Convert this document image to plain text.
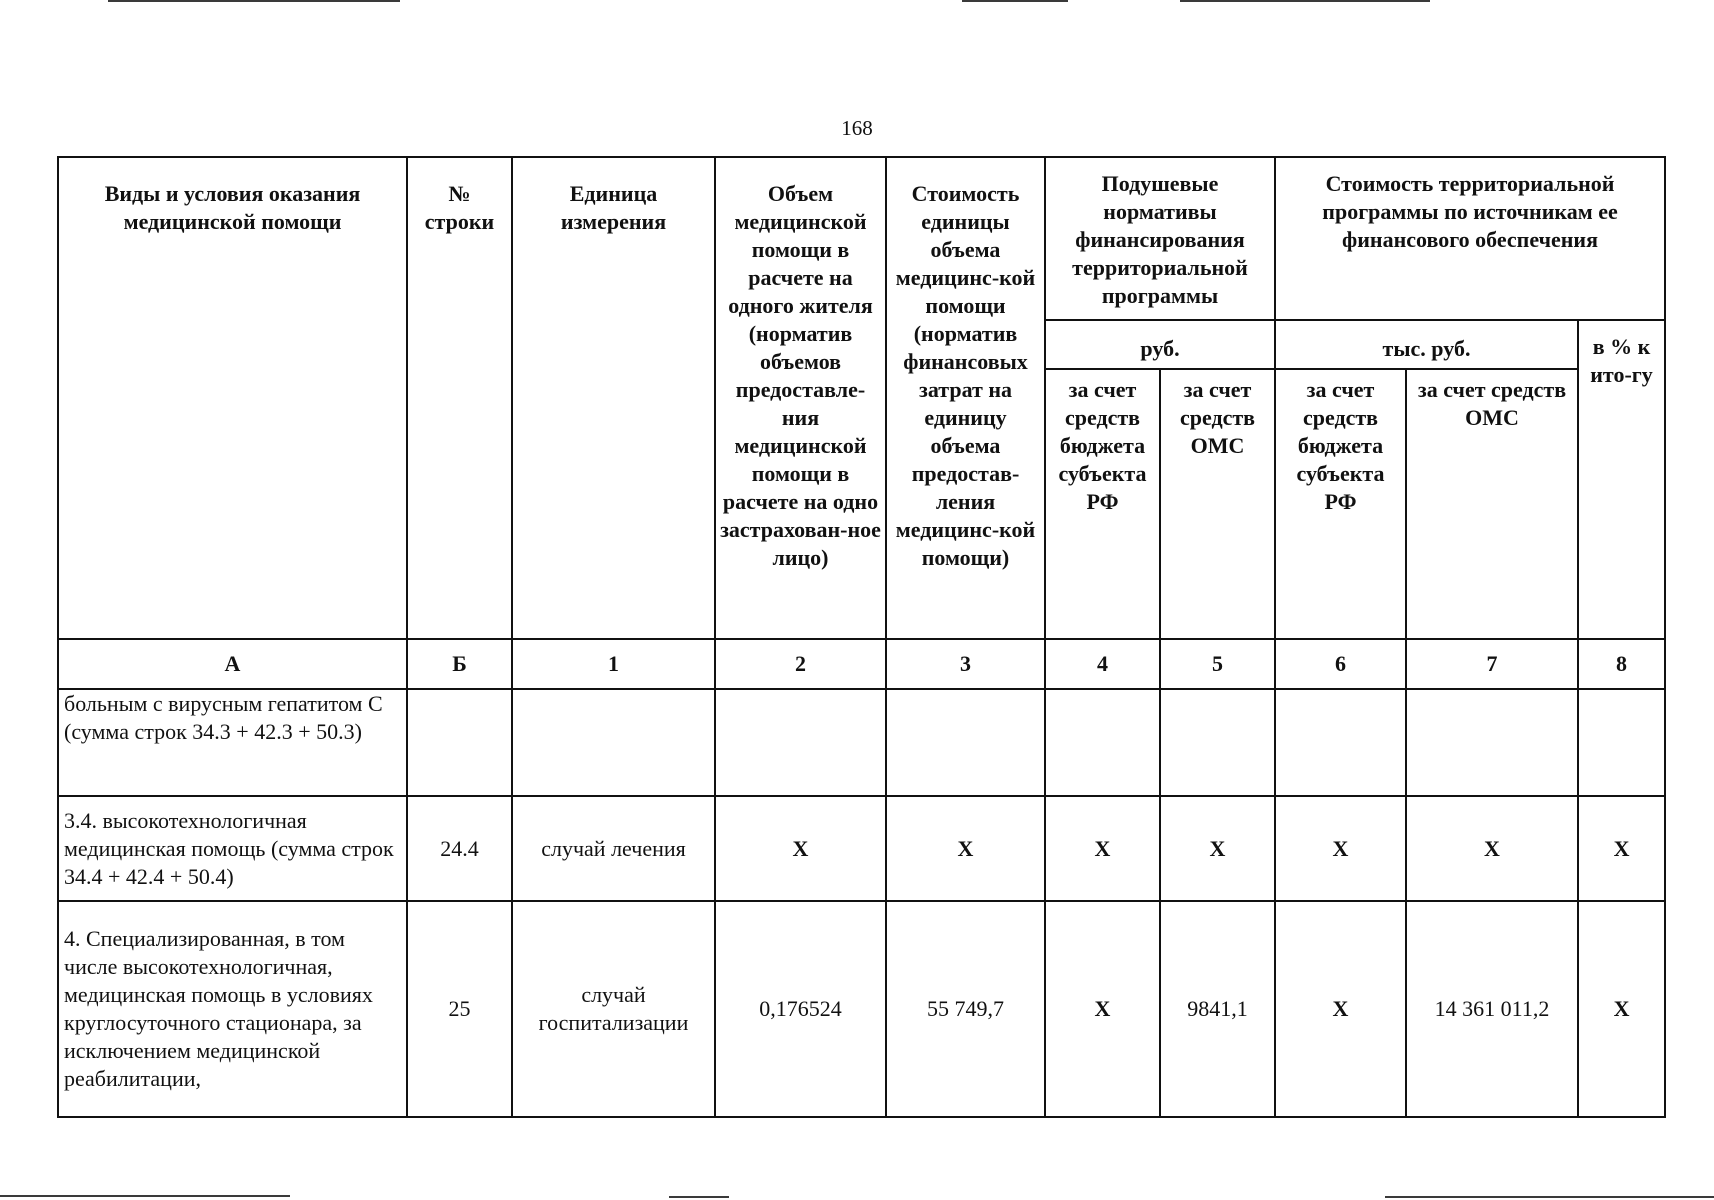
168
Виды и условия оказания медицинской помощи	№ строки	Единица измерения	Объем медицинской помощи в расчете на одного жителя (норматив объемов предоставле-ния медицинской помощи в расчете на одно застрахован-ное лицо)	Стоимость единицы объема медицинс-кой помощи (норматив финансовых затрат на единицу объема предостав-ления медицинс-кой помощи)	Подушевые нормативы финансирования территориальной программы		Стоимость территориальной программы по источникам ее финансового обеспечения		
					руб.		тыс. руб.		в % к ито-гу
					за счет средств бюджета субъекта РФ	за счет средств ОМС	за счет средств бюджета субъекта РФ	за счет средств ОМС	
А	Б	1	2	3	4	5	6	7	8
больным с вирусным гепатитом С (сумма строк 34.3 + 42.3 + 50.3)									
3.4. высокотехнологичная медицинская помощь (сумма строк 34.4 + 42.4 + 50.4)	24.4	случай лечения	Х	Х	Х	Х	Х	Х	Х
4. Специализированная, в том числе высокотехнологичная, медицинская помощь в условиях круглосуточного стационара, за исключением медицинской реабилитации,	25	случай госпитализации	0,176524	55 749,7	Х	9841,1	Х	14 361 011,2	Х
